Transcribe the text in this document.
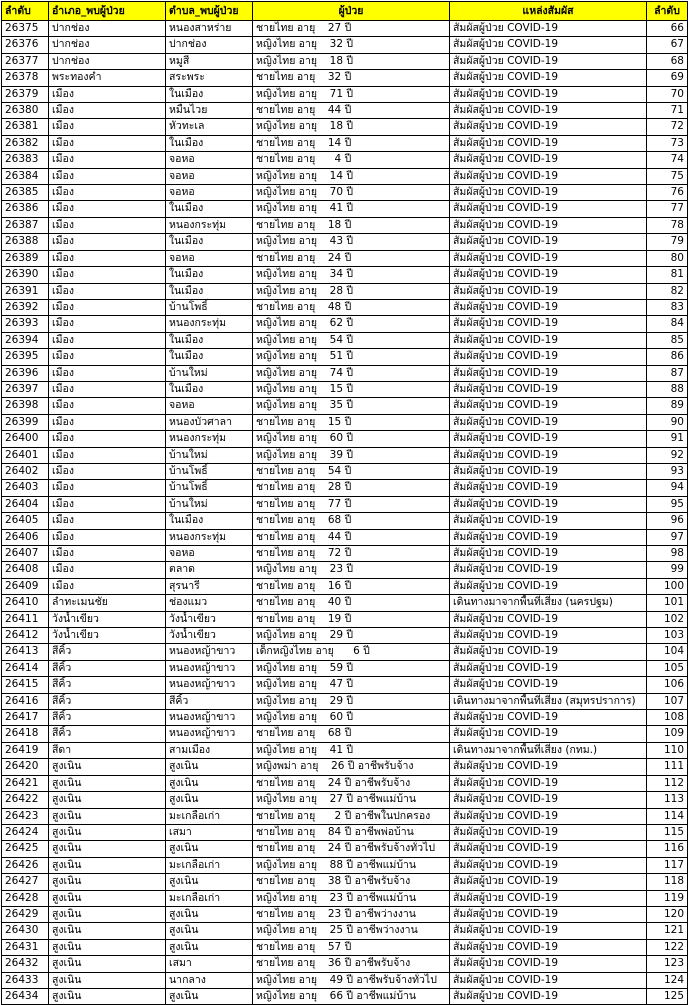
ลำดับ	อำเภอ_พบผู้ป่วย	ตำบล_พบผู้ป่วย	ผู้ป่วย	แหล่งสัมผัส	ลำดับ
26375	ปากช่อง	หนองสาหร่าย	ชายไทย อายุ 27 ปี	สัมผัสผู้ป่วย COVID-19	66
26376	ปากช่อง	ปากช่อง	หญิงไทย อายุ 32 ปี	สัมผัสผู้ป่วย COVID-19	67
26377	ปากช่อง	หมูสี	หญิงไทย อายุ 18 ปี	สัมผัสผู้ป่วย COVID-19	68
26378	พระทองคำ	สระพระ	ชายไทย อายุ 32 ปี	สัมผัสผู้ป่วย COVID-19	69
26379	เมือง	ในเมือง	หญิงไทย อายุ 71 ปี	สัมผัสผู้ป่วย COVID-19	70
26380	เมือง	หมื่นไวย	ชายไทย อายุ 44 ปี	สัมผัสผู้ป่วย COVID-19	71
26381	เมือง	หัวทะเล	หญิงไทย อายุ 18 ปี	สัมผัสผู้ป่วย COVID-19	72
26382	เมือง	ในเมือง	ชายไทย อายุ 14 ปี	สัมผัสผู้ป่วย COVID-19	73
26383	เมือง	จอหอ	ชายไทย อายุ 4 ปี	สัมผัสผู้ป่วย COVID-19	74
26384	เมือง	จอหอ	หญิงไทย อายุ 14 ปี	สัมผัสผู้ป่วย COVID-19	75
26385	เมือง	จอหอ	หญิงไทย อายุ 70 ปี	สัมผัสผู้ป่วย COVID-19	76
26386	เมือง	ในเมือง	หญิงไทย อายุ 41 ปี	สัมผัสผู้ป่วย COVID-19	77
26387	เมือง	หนองกระทุ่ม	ชายไทย อายุ 18 ปี	สัมผัสผู้ป่วย COVID-19	78
26388	เมือง	ในเมือง	หญิงไทย อายุ 43 ปี	สัมผัสผู้ป่วย COVID-19	79
26389	เมือง	จอหอ	ชายไทย อายุ 24 ปี	สัมผัสผู้ป่วย COVID-19	80
26390	เมือง	ในเมือง	หญิงไทย อายุ 34 ปี	สัมผัสผู้ป่วย COVID-19	81
26391	เมือง	ในเมือง	หญิงไทย อายุ 28 ปี	สัมผัสผู้ป่วย COVID-19	82
26392	เมือง	บ้านโพธิ์	ชายไทย อายุ 48 ปี	สัมผัสผู้ป่วย COVID-19	83
26393	เมือง	หนองกระทุ่ม	หญิงไทย อายุ 62 ปี	สัมผัสผู้ป่วย COVID-19	84
26394	เมือง	ในเมือง	หญิงไทย อายุ 54 ปี	สัมผัสผู้ป่วย COVID-19	85
26395	เมือง	ในเมือง	หญิงไทย อายุ 51 ปี	สัมผัสผู้ป่วย COVID-19	86
26396	เมือง	บ้านใหม่	หญิงไทย อายุ 74 ปี	สัมผัสผู้ป่วย COVID-19	87
26397	เมือง	ในเมือง	หญิงไทย อายุ 15 ปี	สัมผัสผู้ป่วย COVID-19	88
26398	เมือง	จอหอ	หญิงไทย อายุ 35 ปี	สัมผัสผู้ป่วย COVID-19	89
26399	เมือง	หนองบัวศาลา	ชายไทย อายุ 15 ปี	สัมผัสผู้ป่วย COVID-19	90
26400	เมือง	หนองกระทุ่ม	หญิงไทย อายุ 60 ปี	สัมผัสผู้ป่วย COVID-19	91
26401	เมือง	บ้านใหม่	หญิงไทย อายุ 39 ปี	สัมผัสผู้ป่วย COVID-19	92
26402	เมือง	บ้านโพธิ์	ชายไทย อายุ 54 ปี	สัมผัสผู้ป่วย COVID-19	93
26403	เมือง	บ้านโพธิ์	ชายไทย อายุ 28 ปี	สัมผัสผู้ป่วย COVID-19	94
26404	เมือง	บ้านใหม่	ชายไทย อายุ 77 ปี	สัมผัสผู้ป่วย COVID-19	95
26405	เมือง	ในเมือง	ชายไทย อายุ 68 ปี	สัมผัสผู้ป่วย COVID-19	96
26406	เมือง	หนองกระทุ่ม	ชายไทย อายุ 44 ปี	สัมผัสผู้ป่วย COVID-19	97
26407	เมือง	จอหอ	ชายไทย อายุ 72 ปี	สัมผัสผู้ป่วย COVID-19	98
26408	เมือง	ตลาด	หญิงไทย อายุ 23 ปี	สัมผัสผู้ป่วย COVID-19	99
26409	เมือง	สุรนารี	ชายไทย อายุ 16 ปี	สัมผัสผู้ป่วย COVID-19	100
26410	ลำทะเมนชัย	ช่องแมว	ชายไทย อายุ 40 ปี	เดินทางมาจากพื้นที่เสี่ยง (นครปฐม)	101
26411	วังน้ำเขียว	วังน้ำเขียว	ชายไทย อายุ 19 ปี	สัมผัสผู้ป่วย COVID-19	102
26412	วังน้ำเขียว	วังน้ำเขียว	หญิงไทย อายุ 29 ปี	สัมผัสผู้ป่วย COVID-19	103
26413	สีคิ้ว	หนองหญ้าขาว	เด็กหญิงไทย อายุ 6 ปี	สัมผัสผู้ป่วย COVID-19	104
26414	สีคิ้ว	หนองหญ้าขาว	หญิงไทย อายุ 59 ปี	สัมผัสผู้ป่วย COVID-19	105
26415	สีคิ้ว	หนองหญ้าขาว	หญิงไทย อายุ 47 ปี	สัมผัสผู้ป่วย COVID-19	106
26416	สีคิ้ว	สีคิ้ว	หญิงไทย อายุ 29 ปี	เดินทางมาจากพื้นที่เสี่ยง (สมุทรปราการ)	107
26417	สีคิ้ว	หนองหญ้าขาว	หญิงไทย อายุ 60 ปี	สัมผัสผู้ป่วย COVID-19	108
26418	สีคิ้ว	หนองหญ้าขาว	ชายไทย อายุ 68 ปี	สัมผัสผู้ป่วย COVID-19	109
26419	สีดา	สามเมือง	หญิงไทย อายุ 41 ปี	เดินทางมาจากพื้นที่เสี่ยง (กทม.)	110
26420	สูงเนิน	สูงเนิน	หญิงพม่า อายุ 26 ปี อาชีพรับจ้าง	สัมผัสผู้ป่วย COVID-19	111
26421	สูงเนิน	สูงเนิน	ชายไทย อายุ 24 ปี อาชีพรับจ้าง	สัมผัสผู้ป่วย COVID-19	112
26422	สูงเนิน	สูงเนิน	หญิงไทย อายุ 27 ปี อาชีพแม่บ้าน	สัมผัสผู้ป่วย COVID-19	113
26423	สูงเนิน	มะเกลือเก่า	ชายไทย อายุ 2 ปี อาชีพในปกครอง	สัมผัสผู้ป่วย COVID-19	114
26424	สูงเนิน	เสมา	ชายไทย อายุ 84 ปี อาชีพพ่อบ้าน	สัมผัสผู้ป่วย COVID-19	115
26425	สูงเนิน	สูงเนิน	ชายไทย อายุ 24 ปี อาชีพรับจ้างทั่วไป	สัมผัสผู้ป่วย COVID-19	116
26426	สูงเนิน	มะเกลือเก่า	หญิงไทย อายุ 88 ปี อาชีพแม่บ้าน	สัมผัสผู้ป่วย COVID-19	117
26427	สูงเนิน	สูงเนิน	ชายไทย อายุ 38 ปี อาชีพรับจ้าง	สัมผัสผู้ป่วย COVID-19	118
26428	สูงเนิน	มะเกลือเก่า	หญิงไทย อายุ 23 ปี อาชีพแม่บ้าน	สัมผัสผู้ป่วย COVID-19	119
26429	สูงเนิน	สูงเนิน	ชายไทย อายุ 23 ปี อาชีพว่างงาน	สัมผัสผู้ป่วย COVID-19	120
26430	สูงเนิน	สูงเนิน	หญิงไทย อายุ 25 ปี อาชีพว่างงาน	สัมผัสผู้ป่วย COVID-19	121
26431	สูงเนิน	สูงเนิน	ชายไทย อายุ 57 ปี	สัมผัสผู้ป่วย COVID-19	122
26432	สูงเนิน	เสมา	ชายไทย อายุ 36 ปี อาชีพรับจ้าง	สัมผัสผู้ป่วย COVID-19	123
26433	สูงเนิน	นากลาง	หญิงไทย อายุ 49 ปี อาชีพรับจ้างทั่วไป	สัมผัสผู้ป่วย COVID-19	124
26434	สูงเนิน	สูงเนิน	หญิงไทย อายุ 66 ปี อาชีพแม่บ้าน	สัมผัสผู้ป่วย COVID-19	125
